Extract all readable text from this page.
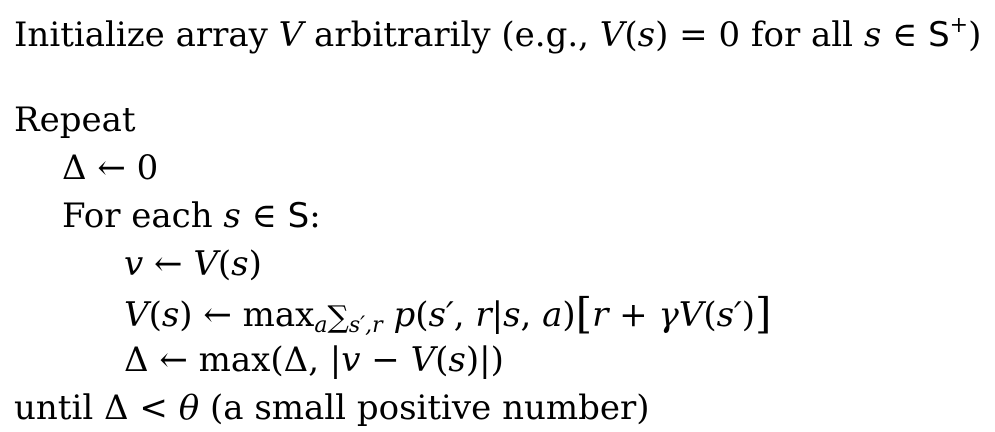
Initialize array V arbitrarily (e.g., V(s) = 0 for all s ∈ S+)
Repeat
Δ ← 0
For each s ∈ S:
v ← V(s)
V(s) ← $\max_a\sum_{s',r}$ p(s′, r|s, a)[r + γV(s′)]
Δ ← max(Δ, |v − V(s)|)
until Δ < θ (a small positive number)
